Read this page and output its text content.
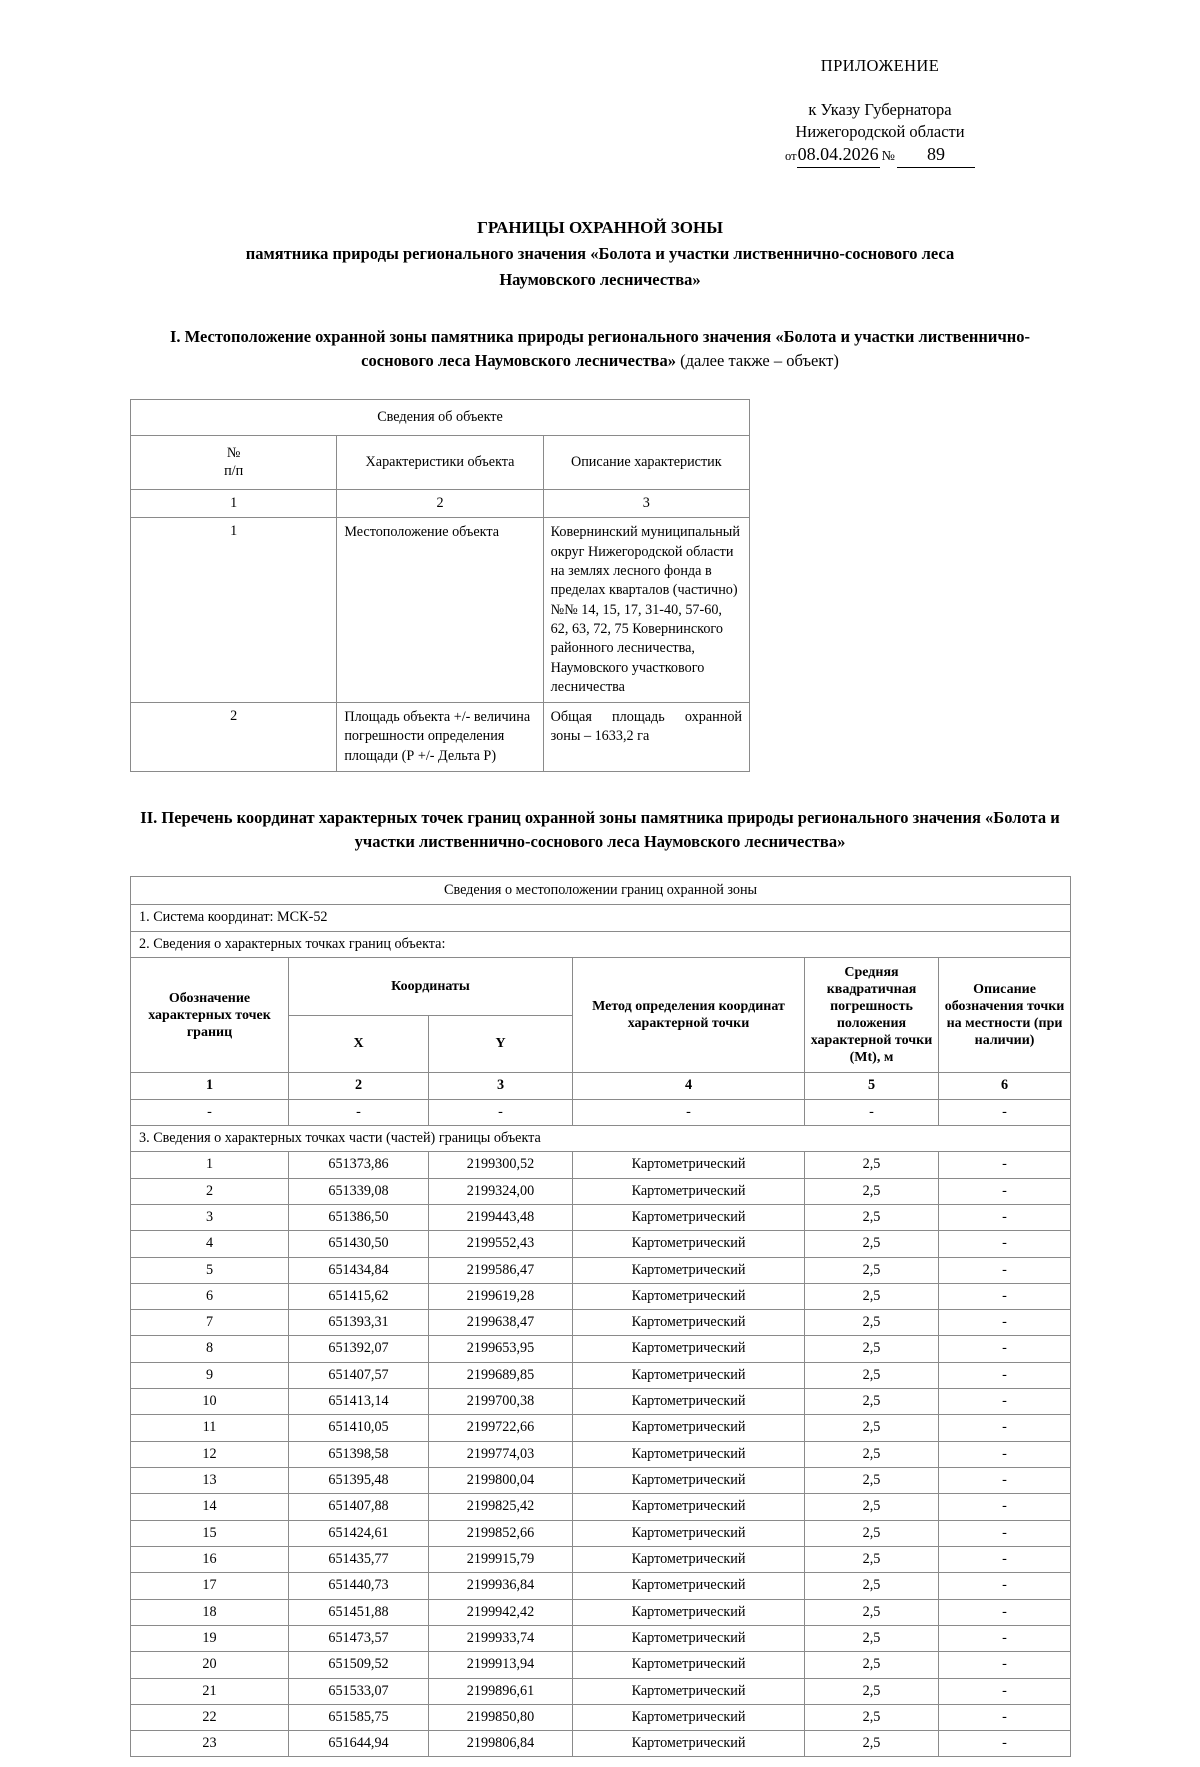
ПРИЛОЖЕНИЕ
к Указу Губернатора
Нижегородской области
от 08.04.2026 №	89
ГРАНИЦЫ ОХРАННОЙ ЗОНЫ
памятника природы регионального значения «Болота и участки лиственнично-соснового леса
Наумовского лесничества»
I. Местоположение охранной зоны памятника природы регионального значения «Болота и участки лиственнично-соснового леса Наумовского лесничества» (далее также – объект)
Сведения об объекте		

№
п/п	Характеристики объекта	Описание характеристик
1	2	3
1	Местоположение объекта	Ковернинский муниципальный округ Нижегородской области на землях лесного фонда в пределах кварталов (частично) №№ 14, 15, 17, 31-40, 57-60, 62, 63, 72, 75 Ковернинского районного лесничества, Наумовского участкового лесничества
2	Площадь объекта +/- величина погрешности определения площади (Р +/- Дельта Р)	Общая площадь охранной зоны – 1633,2 га
II. Перечень координат характерных точек границ охранной зоны памятника природы регионального значения «Болота и участки лиственнично-соснового леса Наумовского лесничества»
Сведения о местоположении границ охранной зоны					
1. Система координат: МСК-52					
2. Сведения о характерных точках границ объекта:					
Обозначение характерных точек границ	Координаты		Метод определения координат характерной точки	Средняя квадратичная погрешность положения характерной точки (Мt), м	Описание обозначения точки на местности (при наличии)
	X	Y			
1	2	3	4	5	6
-	-	-	-	-	-
3. Сведения о характерных точках части (частей) границы объекта					
1	651373,86	2199300,52	Картометрический	2,5	-
2	651339,08	2199324,00	Картометрический	2,5	-
3	651386,50	2199443,48	Картометрический	2,5	-
4	651430,50	2199552,43	Картометрический	2,5	-
5	651434,84	2199586,47	Картометрический	2,5	-
6	651415,62	2199619,28	Картометрический	2,5	-
7	651393,31	2199638,47	Картометрический	2,5	-
8	651392,07	2199653,95	Картометрический	2,5	-
9	651407,57	2199689,85	Картометрический	2,5	-
10	651413,14	2199700,38	Картометрический	2,5	-
11	651410,05	2199722,66	Картометрический	2,5	-
12	651398,58	2199774,03	Картометрический	2,5	-
13	651395,48	2199800,04	Картометрический	2,5	-
14	651407,88	2199825,42	Картометрический	2,5	-
15	651424,61	2199852,66	Картометрический	2,5	-
16	651435,77	2199915,79	Картометрический	2,5	-
17	651440,73	2199936,84	Картометрический	2,5	-
18	651451,88	2199942,42	Картометрический	2,5	-
19	651473,57	2199933,74	Картометрический	2,5	-
20	651509,52	2199913,94	Картометрический	2,5	-
21	651533,07	2199896,61	Картометрический	2,5	-
22	651585,75	2199850,80	Картометрический	2,5	-
23	651644,94	2199806,84	Картометрический	2,5	-
